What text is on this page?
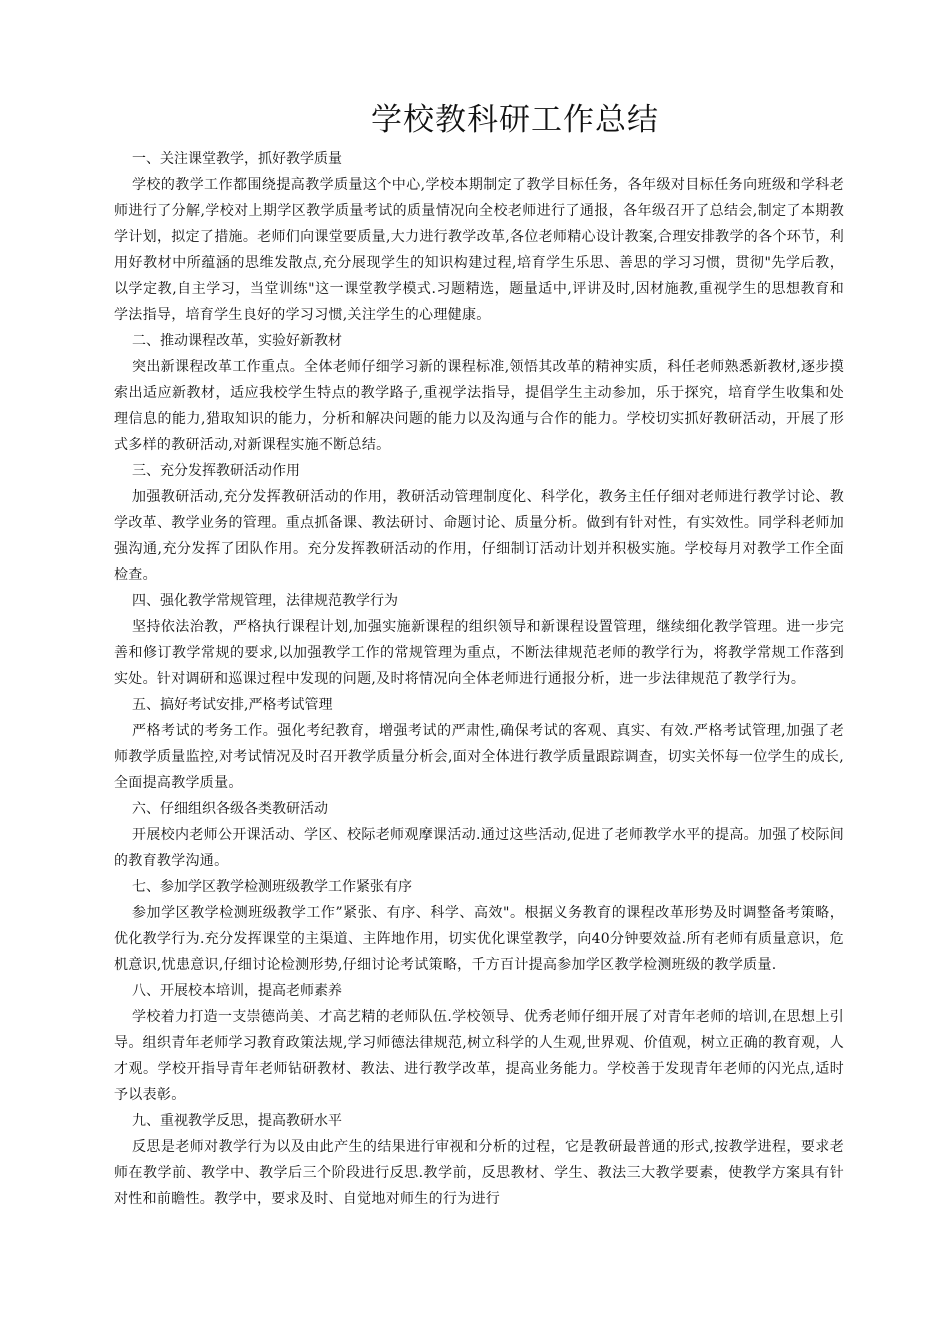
学校教科研工作总结

一、关注课堂教学，抓好教学质量

学校的教学工作都围绕提高教学质量这个中心,学校本期制定了教学目标任务，各年级对目标任务向班级和学科老师进行了分解,学校对上期学区教学质量考试的质量情况向全校老师进行了通报，各年级召开了总结会,制定了本期教学计划，拟定了措施。老师们向课堂要质量,大力进行教学改革,各位老师精心设计教案,合理安排教学的各个环节，利用好教材中所蕴涵的思维发散点,充分展现学生的知识构建过程,培育学生乐思、善思的学习习惯，贯彻"先学后教，以学定教,自主学习，当堂训练"这一课堂教学模式.习题精选，题量适中,评讲及时,因材施教,重视学生的思想教育和学法指导，培育学生良好的学习习惯,关注学生的心理健康。

二、推动课程改革，实验好新教材

突出新课程改革工作重点。全体老师仔细学习新的课程标准,领悟其改革的精神实质，科任老师熟悉新教材,逐步摸索出适应新教材，适应我校学生特点的教学路子,重视学法指导，提倡学生主动参加，乐于探究，培育学生收集和处理信息的能力,猎取知识的能力，分析和解决问题的能力以及沟通与合作的能力。学校切实抓好教研活动，开展了形式多样的教研活动,对新课程实施不断总结。

三、充分发挥教研活动作用

加强教研活动,充分发挥教研活动的作用，教研活动管理制度化、科学化，教务主任仔细对老师进行教学讨论、教学改革、教学业务的管理。重点抓备课、教法研讨、命题讨论、质量分析。做到有针对性，有实效性。同学科老师加强沟通,充分发挥了团队作用。充分发挥教研活动的作用，仔细制订活动计划并积极实施。学校每月对教学工作全面检查。

四、强化教学常规管理，法律规范教学行为

坚持依法治教，严格执行课程计划,加强实施新课程的组织领导和新课程设置管理，继续细化教学管理。进一步完善和修订教学常规的要求,以加强教学工作的常规管理为重点，不断法律规范老师的教学行为，将教学常规工作落到实处。针对调研和巡课过程中发现的问题,及时将情况向全体老师进行通报分析，进一步法律规范了教学行为。

五、搞好考试安排,严格考试管理

严格考试的考务工作。强化考纪教育，增强考试的严肃性,确保考试的客观、真实、有效.严格考试管理,加强了老师教学质量监控,对考试情况及时召开教学质量分析会,面对全体进行教学质量跟踪调查，切实关怀每一位学生的成长,全面提高教学质量。

六、仔细组织各级各类教研活动

开展校内老师公开课活动、学区、校际老师观摩课活动.通过这些活动,促进了老师教学水平的提高。加强了校际间的教育教学沟通。

七、参加学区教学检测班级教学工作紧张有序

参加学区教学检测班级教学工作”紧张、有序、科学、高效"。根据义务教育的课程改革形势及时调整备考策略，优化教学行为.充分发挥课堂的主渠道、主阵地作用，切实优化课堂教学，向40分钟要效益.所有老师有质量意识，危机意识,忧患意识,仔细讨论检测形势,仔细讨论考试策略，千方百计提高参加学区教学检测班级的教学质量.

八、开展校本培训，提高老师素养

学校着力打造一支崇德尚美、才高艺精的老师队伍.学校领导、优秀老师仔细开展了对青年老师的培训,在思想上引导。组织青年老师学习教育政策法规,学习师德法律规范,树立科学的人生观,世界观、价值观，树立正确的教育观，人才观。学校开指导青年老师钻研教材、教法、进行教学改革，提高业务能力。学校善于发现青年老师的闪光点,适时予以表彰。

九、重视教学反思，提高教研水平

反思是老师对教学行为以及由此产生的结果进行审视和分析的过程，它是教研最普通的形式,按教学进程，要求老师在教学前、教学中、教学后三个阶段进行反思.教学前，反思教材、学生、教法三大教学要素，使教学方案具有针对性和前瞻性。教学中，要求及时、自觉地对师生的行为进行
